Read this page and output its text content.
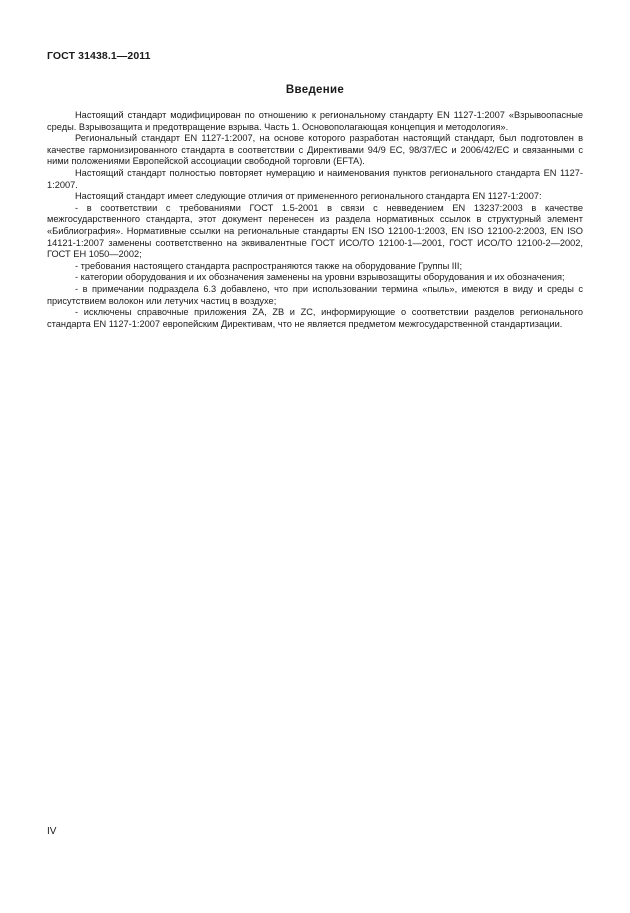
ГОСТ 31438.1—2011
Введение

Настоящий стандарт модифицирован по отношению к региональному стандарту EN 1127-1:2007 «Взрывоопасные среды. Взрывозащита и предотвращение взрыва. Часть 1. Основополагающая концепция и методология».

Региональный стандарт EN 1127-1:2007, на основе которого разработан настоящий стандарт, был подготовлен в качестве гармонизированного стандарта в соответствии с Директивами 94/9 ЕС, 98/37/ЕС и 2006/42/ЕС и связанными с ними положениями Европейской ассоциации свободной торговли (EFTA).

Настоящий стандарт полностью повторяет нумерацию и наименования пунктов регионального стандарта EN 1127-1:2007.

Настоящий стандарт имеет следующие отличия от примененного регионального стандарта EN 1127-1:2007:

- в соответствии с требованиями ГОСТ 1.5-2001 в связи с невведением EN 13237:2003 в качестве межгосударственного стандарта, этот документ перенесен из раздела нормативных ссылок в структурный элемент «Библиография». Нормативные ссылки на региональные стандарты EN ISO 12100-1:2003, EN ISO 12100-2:2003, EN ISO 14121-1:2007 заменены соответственно на эквивалентные ГОСТ ИСО/ТО 12100-1—2001, ГОСТ ИСО/ТО 12100-2—2002, ГОСТ ЕН 1050—2002;

- требования настоящего стандарта распространяются также на оборудование Группы III;

- категории оборудования и их обозначения заменены на уровни взрывозащиты оборудования и их обозначения;

- в примечании подраздела 6.3 добавлено, что при использовании термина «пыль», имеются в виду и среды с присутствием волокон или летучих частиц в воздухе;

- исключены справочные приложения ZA, ZB и ZC, информирующие о соответствии разделов регионального стандарта EN 1127-1:2007 европейским Директивам, что не является предметом межгосударственной стандартизации.

IV
